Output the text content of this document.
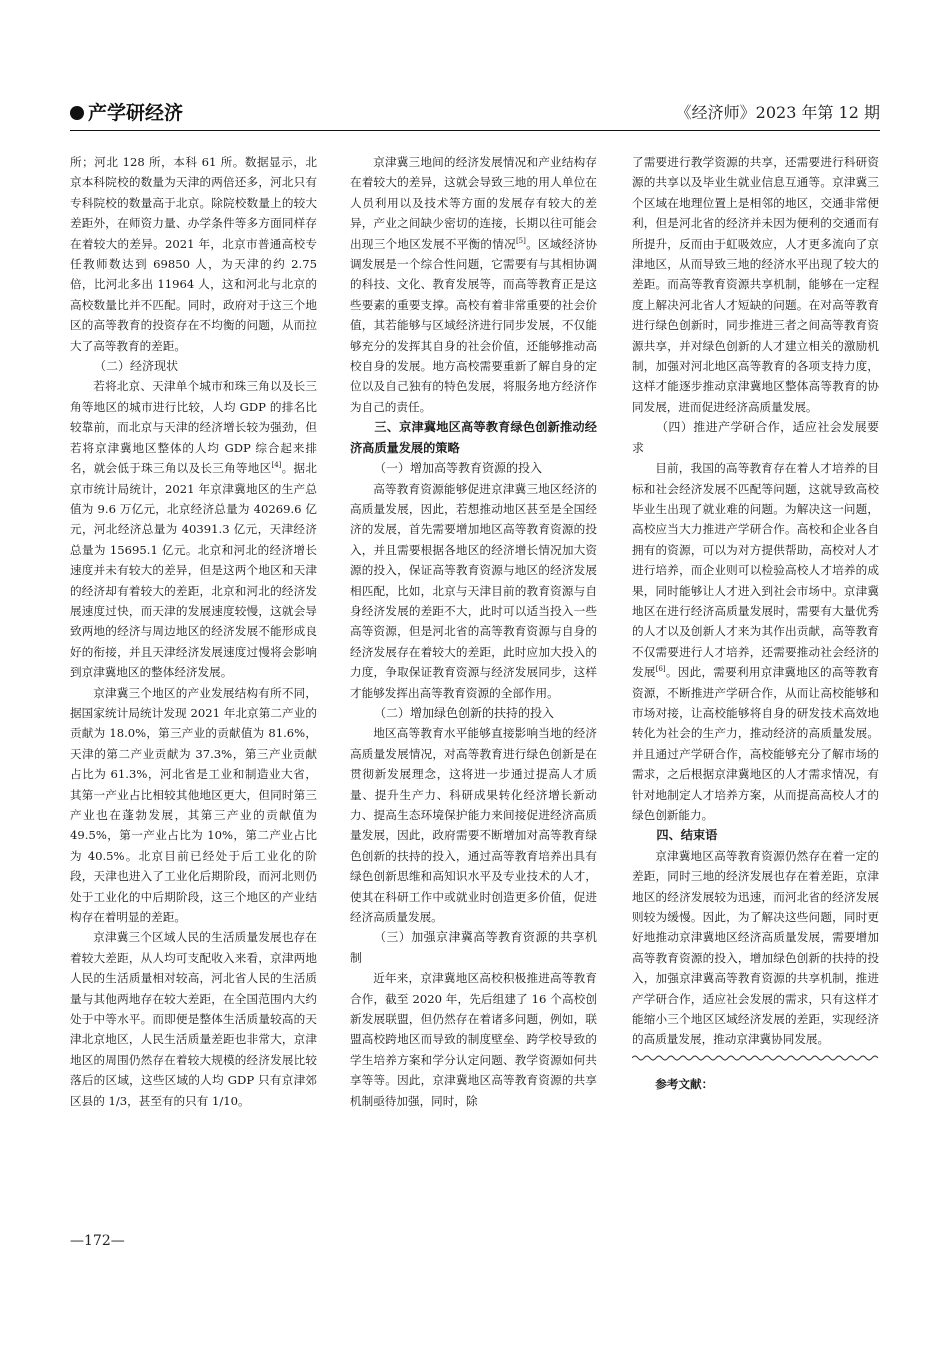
产学研经济	《经济师》2023 年第 12 期

所；河北 128 所，本科 61 所。数据显示，北京本科院校的数量为天津的两倍还多，河北只有专科院校的数量高于北京。除院校数量上的较大差距外，在师资力量、办学条件等多方面同样存在着较大的差异。2021 年，北京市普通高校专任教师数达到 69850 人，为天津的约 2.75 倍，比河北多出 11964 人，这和河北与北京的高校数量比并不匹配。同时，政府对于这三个地区的高等教育的投资存在不均衡的问题，从而拉大了高等教育的差距。

（二）经济现状

若将北京、天津单个城市和珠三角以及长三角等地区的城市进行比较，人均 GDP 的排名比较靠前，而北京与天津的经济增长较为强劲，但若将京津冀地区整体的人均 GDP 综合起来排名，就会低于珠三角以及长三角等地区[4]。据北京市统计局统计，2021 年京津冀地区的生产总值为 9.6 万亿元，北京经济总量为 40269.6 亿元，河北经济总量为 40391.3 亿元，天津经济总量为 15695.1 亿元。北京和河北的经济增长速度并未有较大的差异，但是这两个地区和天津的经济却有着较大的差距，北京和河北的经济发展速度过快，而天津的发展速度较慢，这就会导致两地的经济与周边地区的经济发展不能形成良好的衔接，并且天津经济发展速度过慢将会影响到京津冀地区的整体经济发展。

京津冀三个地区的产业发展结构有所不同，据国家统计局统计发现 2021 年北京第二产业的贡献为 18.0%，第三产业的贡献值为 81.6%，天津的第二产业贡献为 37.3%，第三产业贡献占比为 61.3%，河北省是工业和制造业大省，其第一产业占比相较其他地区更大，但同时第三产业也在蓬勃发展，其第三产业的贡献值为 49.5%，第一产业占比为 10%，第二产业占比为 40.5%。北京目前已经处于后工业化的阶段，天津也进入了工业化后期阶段，而河北则仍处于工业化的中后期阶段，这三个地区的产业结构存在着明显的差距。

京津冀三个区域人民的生活质量发展也存在着较大差距，从人均可支配收入来看，京津两地人民的生活质量相对较高，河北省人民的生活质量与其他两地存在较大差距，在全国范围内大约处于中等水平。而即便是整体生活质量较高的天津北京地区，人民生活质量差距也非常大，京津地区的周围仍然存在着较大规模的经济发展比较落后的区域，这些区域的人均 GDP 只有京津郊区县的 1/3，甚至有的只有 1/10。

京津冀三地间的经济发展情况和产业结构存在着较大的差异，这就会导致三地的用人单位在人员利用以及技术等方面的发展存有较大的差异，产业之间缺少密切的连接，长期以往可能会出现三个地区发展不平衡的情况[5]。区域经济协调发展是一个综合性问题，它需要有与其相协调的科技、文化、教育发展等，而高等教育正是这些要素的重要支撑。高校有着非常重要的社会价值，其若能够与区域经济进行同步发展，不仅能够充分的发挥其自身的社会价值，还能够推动高校自身的发展。地方高校需要重新了解自身的定位以及自己独有的特色发展，将服务地方经济作为自己的责任。

三、京津冀地区高等教育绿色创新推动经济高质量发展的策略
（一）增加高等教育资源的投入

高等教育资源能够促进京津冀三地区经济的高质量发展，因此，若想推动地区甚至是全国经济的发展，首先需要增加地区高等教育资源的投入，并且需要根据各地区的经济增长情况加大资源的投入，保证高等教育资源与地区的经济发展相匹配，比如，北京与天津目前的教育资源与自身经济发展的差距不大，此时可以适当投入一些高等资源，但是河北省的高等教育资源与自身的经济发展存在着较大的差距，此时应加大投入的力度，争取保证教育资源与经济发展同步，这样才能够发挥出高等教育资源的全部作用。

（二）增加绿色创新的扶持的投入

地区高等教育水平能够直接影响当地的经济高质量发展情况，对高等教育进行绿色创新是在贯彻新发展理念，这将进一步通过提高人才质量、提升生产力、科研成果转化经济增长新动力、提高生态环境保护能力来间接促进经济高质量发展，因此，政府需要不断增加对高等教育绿色创新的扶持的投入，通过高等教育培养出具有绿色创新思维和高知识水平及专业技术的人才，使其在科研工作中或就业时创造更多价值，促进经济高质量发展。

（三）加强京津冀高等教育资源的共享机制

近年来，京津冀地区高校积极推进高等教育合作，截至 2020 年，先后组建了 16 个高校创新发展联盟，但仍然存在着诸多问题，例如，联盟高校跨地区而导致的制度壁垒、跨学校导致的学生培养方案和学分认定问题、教学资源如何共享等等。因此，京津冀地区高等教育资源的共享机制亟待加强，同时，除

了需要进行教学资源的共享，还需要进行科研资源的共享以及毕业生就业信息互通等。京津冀三个区域在地理位置上是相邻的地区，交通非常便利，但是河北省的经济并未因为便利的交通而有所提升，反而由于虹吸效应，人才更多流向了京津地区，从而导致三地的经济水平出现了较大的差距。而高等教育资源共享机制，能够在一定程度上解决河北省人才短缺的问题。在对高等教育进行绿色创新时，同步推进三者之间高等教育资源共享，并对绿色创新的人才建立相关的激励机制，加强对河北地区高等教育的各项支持力度，这样才能逐步推动京津冀地区整体高等教育的协同发展，进而促进经济高质量发展。

（四）推进产学研合作，适应社会发展要求

目前，我国的高等教育存在着人才培养的目标和社会经济发展不匹配等问题，这就导致高校毕业生出现了就业难的问题。为解决这一问题，高校应当大力推进产学研合作。高校和企业各自拥有的资源，可以为对方提供帮助，高校对人才进行培养，而企业则可以检验高校人才培养的成果，同时能够让人才进入到社会市场中。京津冀地区在进行经济高质量发展时，需要有大量优秀的人才以及创新人才来为其作出贡献，高等教育不仅需要进行人才培养，还需要推动社会经济的发展[6]。因此，需要利用京津冀地区的高等教育资源，不断推进产学研合作，从而让高校能够和市场对接，让高校能够将自身的研发技术高效地转化为社会的生产力，推动经济的高质量发展。并且通过产学研合作，高校能够充分了解市场的需求，之后根据京津冀地区的人才需求情况，有针对地制定人才培养方案，从而提高高校人才的绿色创新能力。

四、结束语

京津冀地区高等教育资源仍然存在着一定的差距，同时三地的经济发展也存在着差距，京津地区的经济发展较为迅速，而河北省的经济发展则较为缓慢。因此，为了解决这些问题，同时更好地推动京津冀地区经济高质量发展，需要增加高等教育资源的投入，增加绿色创新的扶持的投入，加强京津冀高等教育资源的共享机制，推进产学研合作，适应社会发展的需求，只有这样才能缩小三个地区区域经济发展的差距，实现经济的高质量发展，推动京津冀协同发展。

参考文献：
—172—
